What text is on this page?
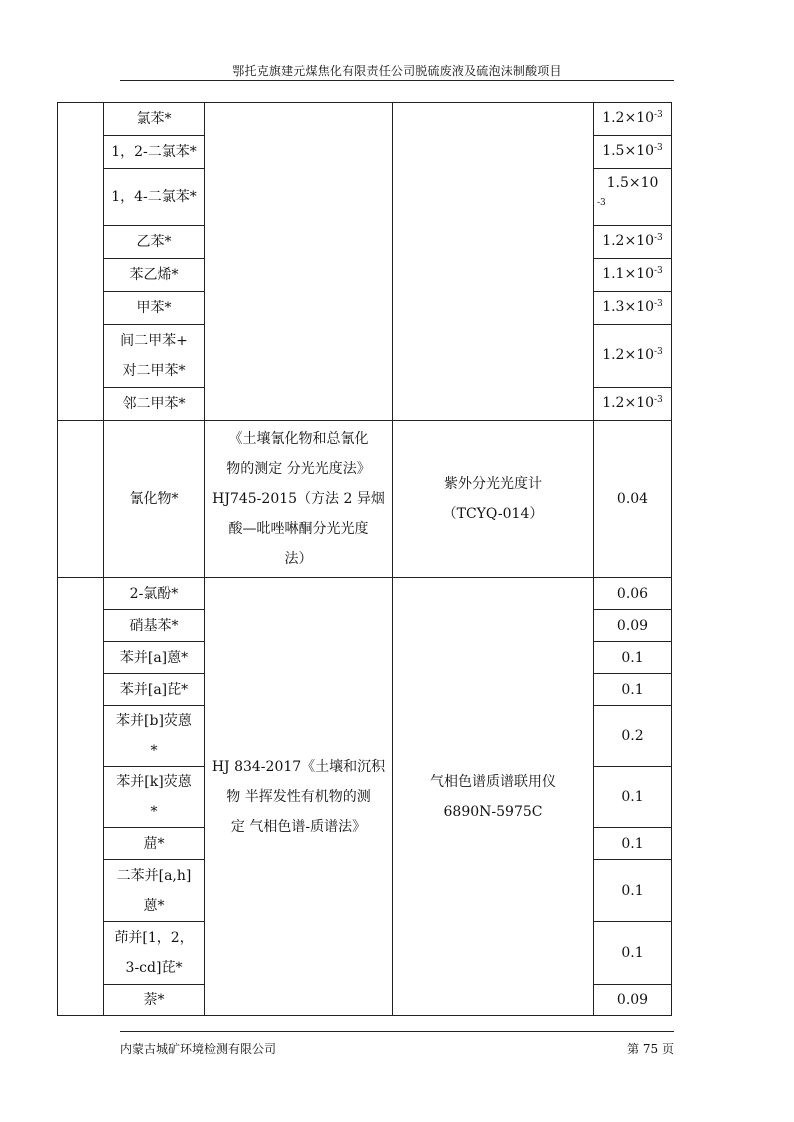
鄂托克旗建元煤焦化有限责任公司脱硫废液及硫泡沫制酸项目
	氯苯*			$1.2\times 10^{-3}$
	1，2-二氯苯*			$1.5\times 10^{-3}$
	1，4-二氯苯*			1.5×10
-3

	乙苯*			$1.2\times 10^{-3}$
	苯乙烯*			$1.1\times 10^{-3}$
	甲苯*			$1.3\times 10^{-3}$
	间二甲苯+
对二甲苯*			$1.2\times 10^{-3}$
	邻二甲苯*			$1.2\times 10^{-3}$
	氰化物*	《土壤氰化物和总氰化
物的测定 分光光度法》
HJ745-2015（方法 2 异烟
酸—吡唑啉酮分光光度
法）	紫外分光光度计
（TCYQ-014）	0.04
	2-氯酚*	HJ 834-2017《土壤和沉积
物 半挥发性有机物的测
定 气相色谱-质谱法》	气相色谱质谱联用仪
6890N-5975C	0.06
	硝基苯*			0.09
	苯并[a]蒽*			0.1
	苯并[a]芘*			0.1
	苯并[b]荧蒽
*			0.2
	苯并[k]荧蒽
*			0.1
	䓛*			0.1
	二苯并[a,h]
蒽*			0.1
	茚并[1，2，
3-cd]芘*			0.1
	萘*			0.09
内蒙古城矿环境检测有限公司	第 75 页
